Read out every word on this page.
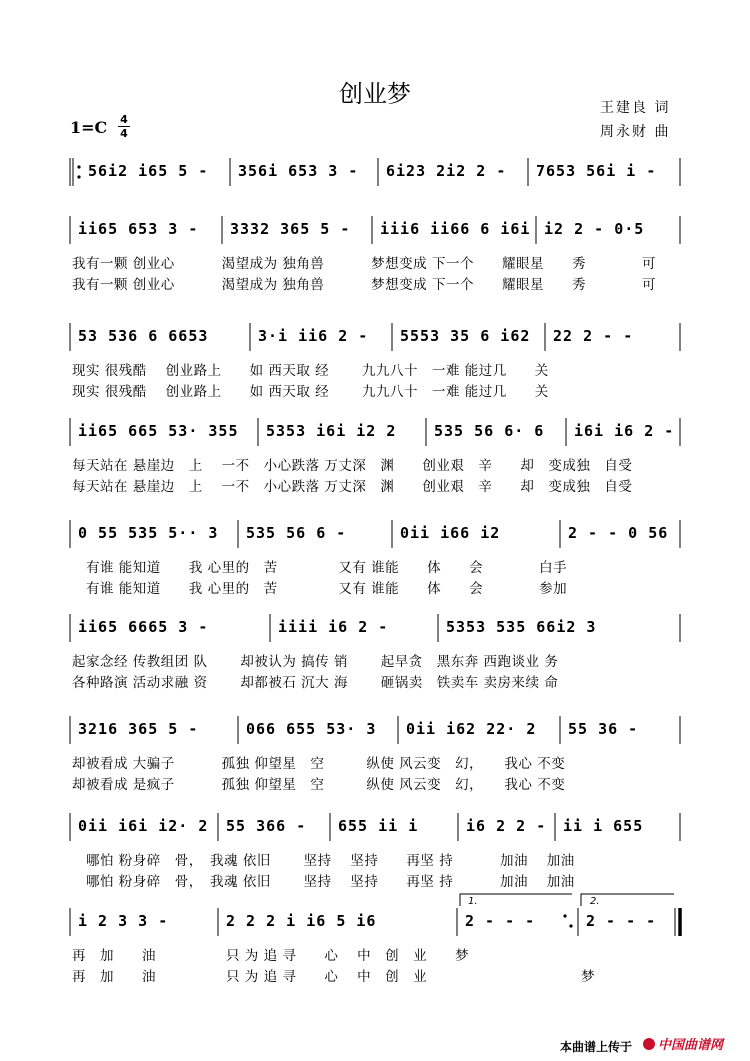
创业梦	王建良 词
周永财 曲
1=C 4
4
56i2 i65 5 - 356i 653 3 - 6i23 2i2 2 - 7653 56i i -
ii65 653 3 - 3332 365 5 - iii6 ii66 6 i6i i2 2 - 0·5
我有一颗 创业心　　　 渴望成为 独角兽　　　 梦想变成 下一个　　耀眼星　　秀　　　　可
我有一颗 创业心　　　 渴望成为 独角兽　　　 梦想变成 下一个　　耀眼星　　秀　　　　可
53 536 6 6653	3·i ii6 2 - 5553 35 6 i62 22 2 - -
现实 很残酷　 创业路上　　如 西天取 经　　 九九八十　一难 能过几　　关
现实 很残酷　 创业路上　　如 西天取 经　　 九九八十　一难 能过几　　关
ii65 665 53· 355 5353 i6i i2 2	535 56 6· 6 i6i i6 2 -
每天站在 悬崖边　上　 一不　小心跌落 万丈深　渊　　创业艰　辛　　却　变成独　自受
每天站在 悬崖边　上　 一不　小心跌落 万丈深　渊　　创业艰　辛　　却　变成独　自受
0 55 535 5·· 3 535 56 6 -	0ii i66 i2	2 - - 0 56
　有谁 能知道　　我 心里的　苦　　　　 又有 谁能　　体　　会　　　　白手
　有谁 能知道　　我 心里的　苦　　　　 又有 谁能　　体　　会　　　　参加
ii65 6665 3 -	iiii i6 2 -	5353 535 66i2 3
起家念经 传教组团 队　　 却被认为 搞传 销　　 起早贪　黑东奔 西跑谈业 务
各种路演 活动求融 资　　 却都被石 沉大 海　　 砸锅卖　铁卖车 卖房来续 命
3216 365 5 -	066 655 53· 3 0ii i62 22· 2 55 36 -
却被看成 大骗子　　　 孤独 仰望星　空　　　纵使 风云变　幻，　　我心 不变
却被看成 是疯子　　　 孤独 仰望星　空　　　纵使 风云变　幻，　　我心 不变
0ii i6i i2· 2 55 366 - 655 ii i	i6 2 2 - ii i 655
　哪怕 粉身碎　骨，　我魂 依旧　　 坚持　 坚持　　再坚 持　　　 加油　 加油
　哪怕 粉身碎　骨，　我魂 依旧　　 坚持　 坚持　　再坚 持　　　 加油　 加油
i 2 3 3 -	2 2 2 i i6 5 i6	2 - - -	2 - - -
1.	2.
再　加　　油　　　　　只 为 追 寻　　心　 中　创　业　　梦
再　加　　油　　　　　只 为 追 寻　　心　 中　创　业　　　　　　　　　　　梦
本曲谱上传于	中国曲谱网
